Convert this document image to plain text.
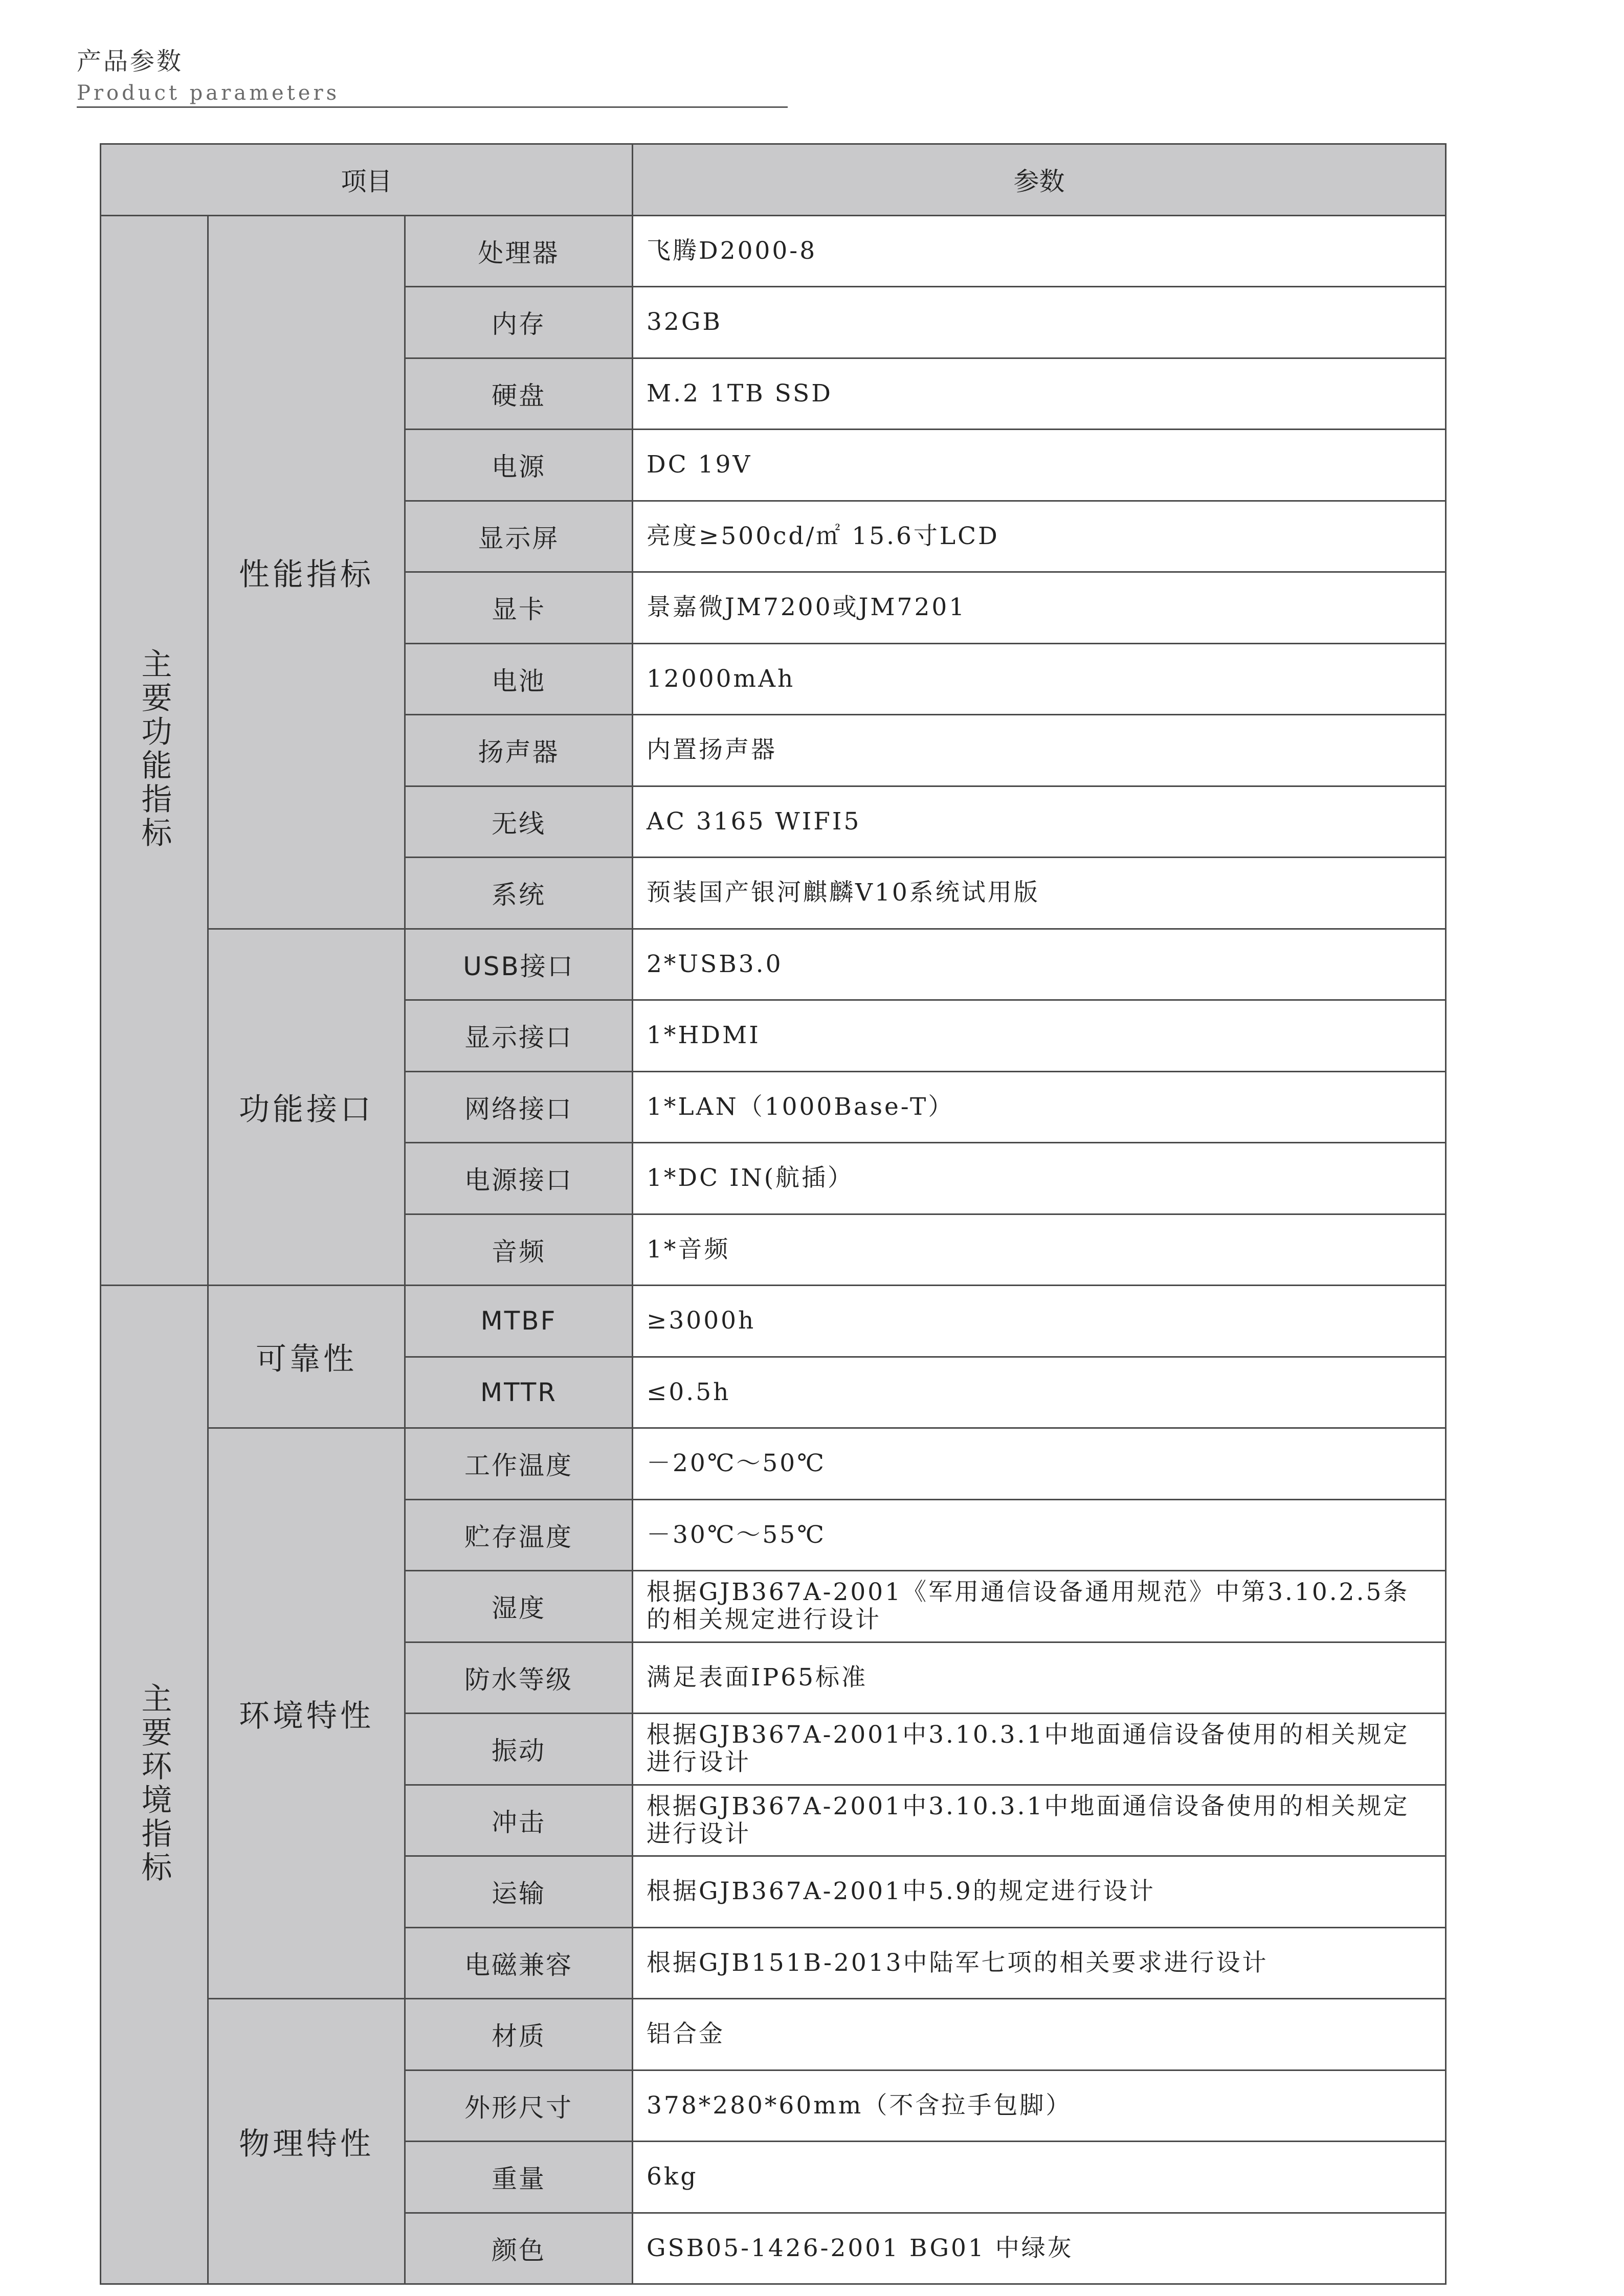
产品参数
Product parameters
项目			参数
主要功能指标	性能指标	处理器	飞腾D2000-8
		内存	32GB
		硬盘	M.2 1TB SSD
		电源	DC 19V
		显示屏	亮度≥500cd/㎡ 15.6寸LCD
		显卡	景嘉微JM7200或JM7201
		电池	12000mAh
		扬声器	内置扬声器
		无线	AC 3165 WIFI5
		系统	预装国产银河麒麟V10系统试用版
	功能接口	USB接口	2*USB3.0
		显示接口	1*HDMI
		网络接口	1*LAN（1000Base-T）
		电源接口	1*DC IN(航插）
		音频	1*音频
主要环境指标	可靠性	MTBF	≥3000h
		MTTR	≤0.5h
	环境特性	工作温度	－20℃～50℃
		贮存温度	－30℃～55℃
		湿度	根据GJB367A-2001《军用通信设备通用规范》中第3.10.2.5条的相关规定进行设计
		防水等级	满足表面IP65标准
		振动	根据GJB367A-2001中3.10.3.1中地面通信设备使用的相关规定进行设计
		冲击	根据GJB367A-2001中3.10.3.1中地面通信设备使用的相关规定进行设计
		运输	根据GJB367A-2001中5.9的规定进行设计
		电磁兼容	根据GJB151B-2013中陆军七项的相关要求进行设计
	物理特性	材质	铝合金
		外形尺寸	378*280*60mm（不含拉手包脚）
		重量	6kg
		颜色	GSB05-1426-2001 BG01 中绿灰
